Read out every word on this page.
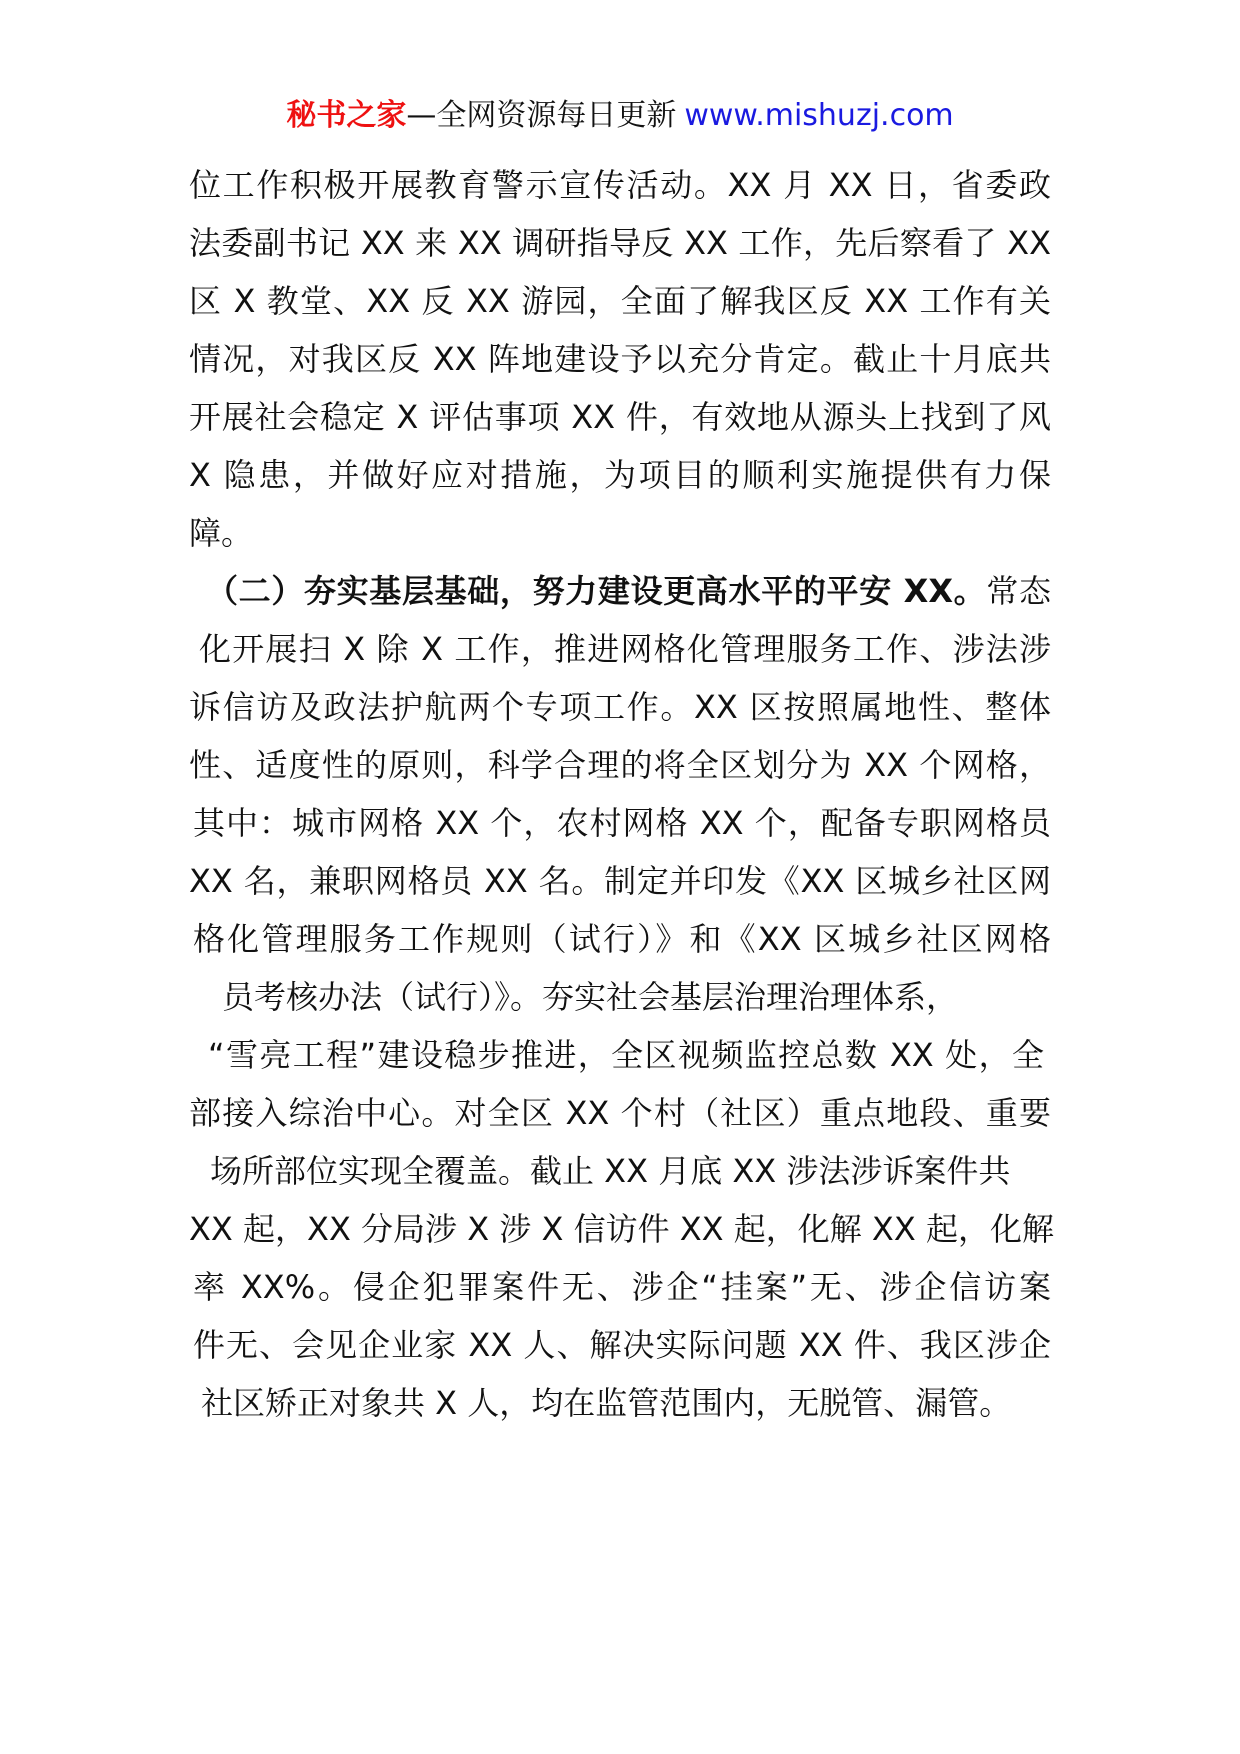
秘书之家—全网资源每日更新 www.mishuzj.com
位工作积极开展教育警示宣传活动。XX 月 XX 日，省委政
法委副书记 XX 来 XX 调研指导反 XX 工作，先后察看了 XX
区 X 教堂、XX 反 XX 游园，全面了解我区反 XX 工作有关
情况，对我区反 XX 阵地建设予以充分肯定。截止十月底共
开展社会稳定 X 评估事项 XX 件，有效地从源头上找到了风
X 隐患，并做好应对措施，为项目的顺利实施提供有力保
障。
（二）夯实基层基础，努力建设更高水平的平安 XX。常态
化开展扫 X 除 X 工作，推进网格化管理服务工作、涉法涉
诉信访及政法护航两个专项工作。XX 区按照属地性、整体
性、适度性的原则，科学合理的将全区划分为 XX 个网格，
其中：城市网格 XX 个，农村网格 XX 个，配备专职网格员
XX 名，兼职网格员 XX 名。制定并印发《XX 区城乡社区网
格化管理服务工作规则（试行）》和《XX 区城乡社区网格
员考核办法（试行）》。夯实社会基层治理治理体系，
“雪亮工程”建设稳步推进，全区视频监控总数 XX 处，全
部接入综治中心。对全区 XX 个村（社区）重点地段、重要
场所部位实现全覆盖。截止 XX 月底 XX 涉法涉诉案件共
XX 起，XX 分局涉 X 涉 X 信访件 XX 起，化解 XX 起，化解
率 XX%。侵企犯罪案件无、涉企“挂案”无、涉企信访案
件无、会见企业家 XX 人、解决实际问题 XX 件、我区涉企
社区矫正对象共 X 人，均在监管范围内，无脱管、漏管。
